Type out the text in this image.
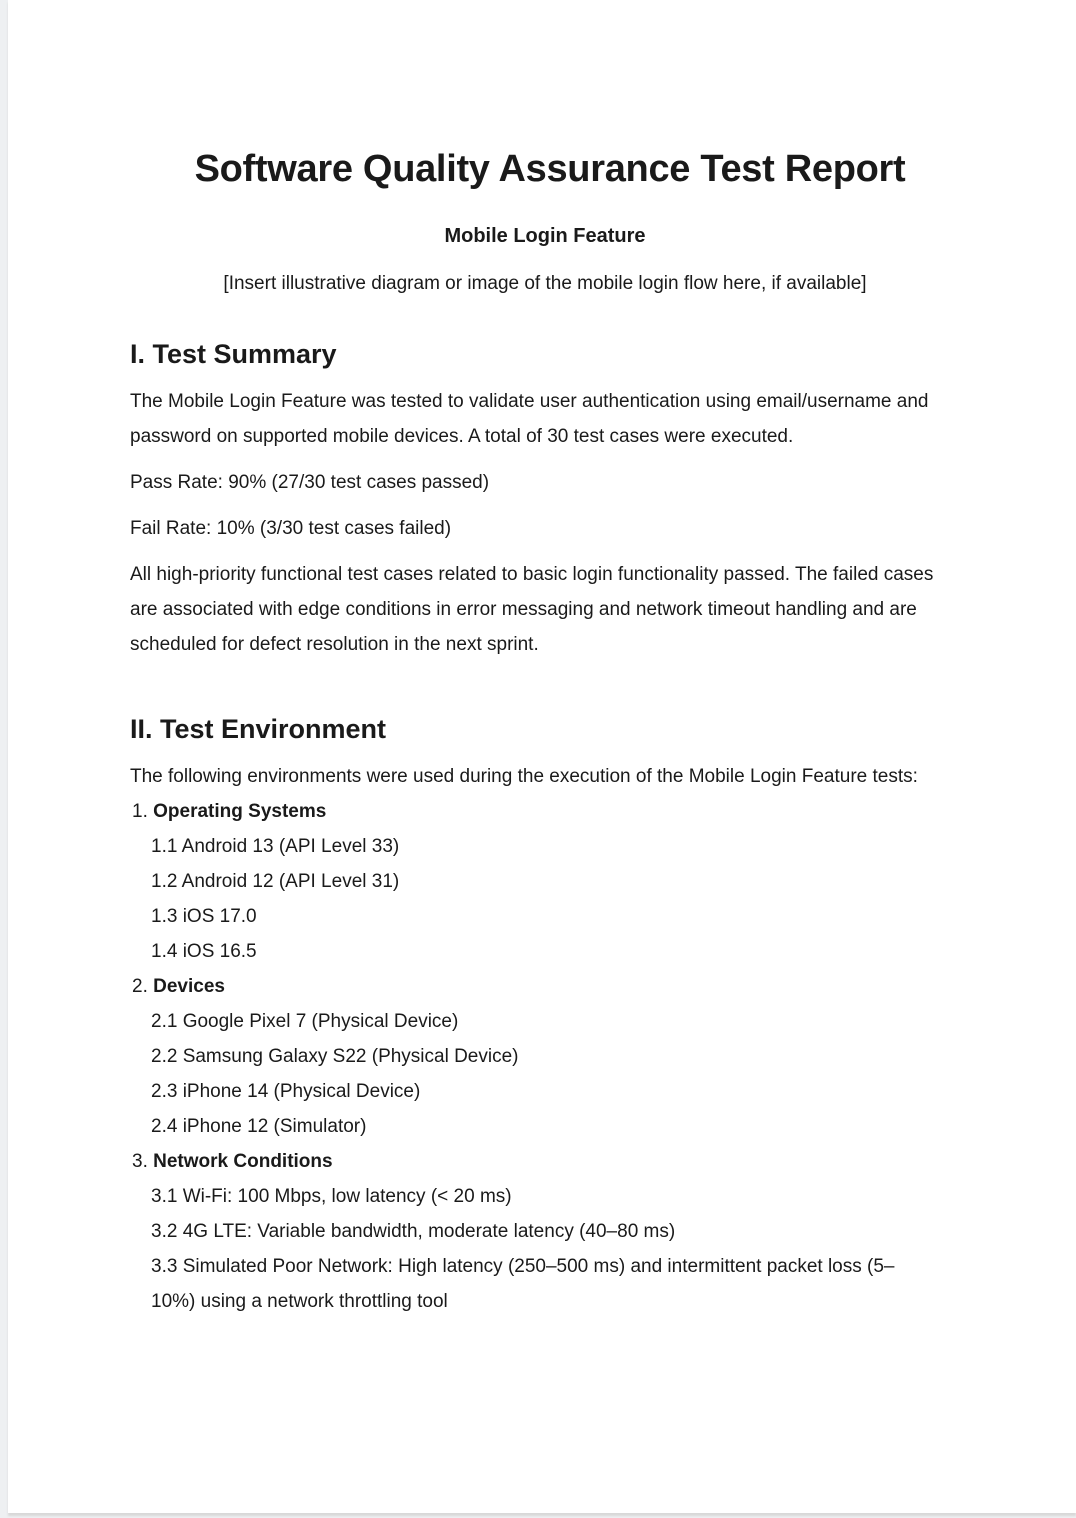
Software Quality Assurance Test Report
Mobile Login Feature
[Insert illustrative diagram or image of the mobile login flow here, if available]
I. Test Summary

The Mobile Login Feature was tested to validate user authentication using email/username and password on supported mobile devices. A total of 30 test cases were executed.

Pass Rate: 90% (27/30 test cases passed)

Fail Rate: 10% (3/30 test cases failed)

All high-priority functional test cases related to basic login functionality passed. The failed cases are associated with edge conditions in error messaging and network timeout handling and are scheduled for defect resolution in the next sprint.

II. Test Environment

The following environments were used during the execution of the Mobile Login Feature tests:

1. Operating Systems
1.1 Android 13 (API Level 33)
1.2 Android 12 (API Level 31)
1.3 iOS 17.0
1.4 iOS 16.5
2. Devices
2.1 Google Pixel 7 (Physical Device)
2.2 Samsung Galaxy S22 (Physical Device)
2.3 iPhone 14 (Physical Device)
2.4 iPhone 12 (Simulator)
3. Network Conditions
3.1 Wi-Fi: 100 Mbps, low latency (< 20 ms)
3.2 4G LTE: Variable bandwidth, moderate latency (40–80 ms)
3.3 Simulated Poor Network: High latency (250–500 ms) and intermittent packet loss (5–10%) using a network throttling tool
